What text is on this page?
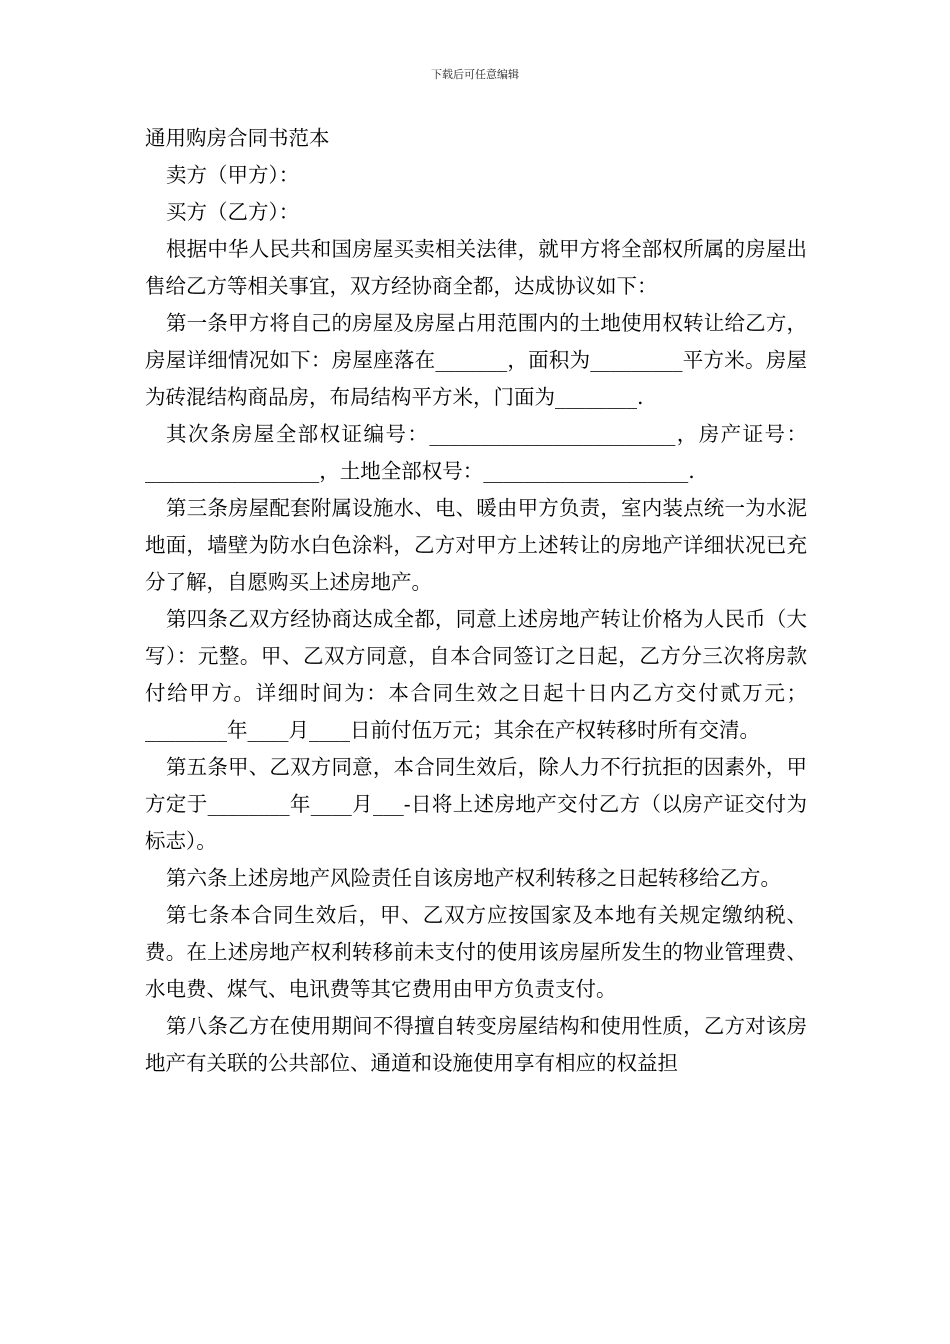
下载后可任意编辑

通用购房合同书范本

卖方（甲方）：

买方（乙方）：

根据中华人民共和国房屋买卖相关法律，就甲方将全部权所属的房屋出售给乙方等相关事宜，双方经协商全都，达成协议如下：

第一条甲方将自己的房屋及房屋占用范围内的土地使用权转让给乙方，房屋详细情况如下：房屋座落在_______，面积为_________平方米。房屋为砖混结构商品房，布局结构平方米，门面为________.

其次条房屋全部权证编号：________________________，房产证号：_________________，土地全部权号：____________________.

第三条房屋配套附属设施水、电、暖由甲方负责，室内装点统一为水泥地面，墙壁为防水白色涂料，乙方对甲方上述转让的房地产详细状况已充分了解，自愿购买上述房地产。

第四条乙双方经协商达成全都，同意上述房地产转让价格为人民币（大写）：元整。甲、乙双方同意，自本合同签订之日起，乙方分三次将房款付给甲方。详细时间为：本合同生效之日起十日内乙方交付贰万元；________年____月____日前付伍万元；其余在产权转移时所有交清。

第五条甲、乙双方同意，本合同生效后，除人力不行抗拒的因素外，甲方定于________年____月___-日将上述房地产交付乙方（以房产证交付为标志）。

第六条上述房地产风险责任自该房地产权利转移之日起转移给乙方。

第七条本合同生效后，甲、乙双方应按国家及本地有关规定缴纳税、费。在上述房地产权利转移前未支付的使用该房屋所发生的物业管理费、水电费、煤气、电讯费等其它费用由甲方负责支付。

第八条乙方在使用期间不得擅自转变房屋结构和使用性质，乙方对该房地产有关联的公共部位、通道和设施使用享有相应的权益担
